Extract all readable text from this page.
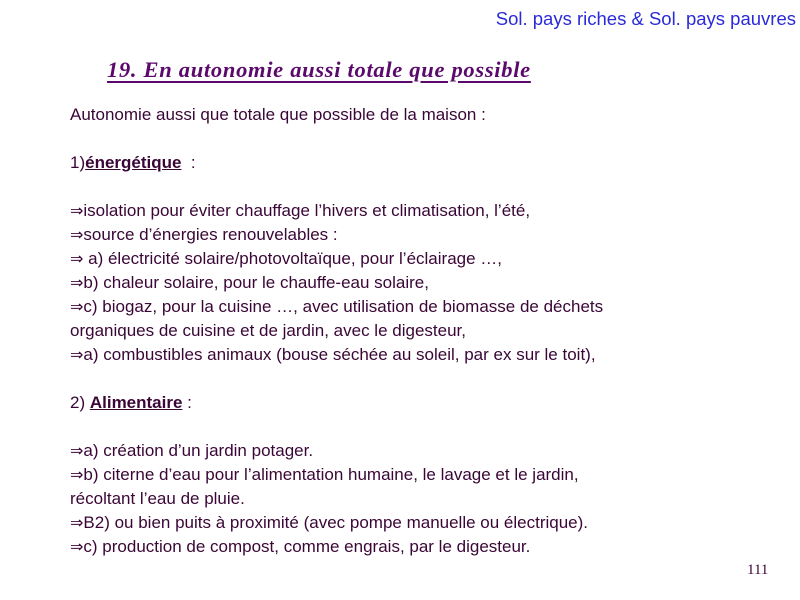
Sol. pays riches & Sol. pays pauvres
19. En autonomie aussi totale que possible
Autonomie aussi que totale que possible de la maison :
1)énergétique  :
⇒isolation pour éviter chauffage l’hivers et climatisation, l’été,
⇒source d’énergies renouvelables :
⇒ a) électricité solaire/photovoltaïque, pour l’éclairage …,
⇒b) chaleur solaire, pour le chauffe-eau solaire,
⇒c) biogaz, pour la cuisine …, avec utilisation de biomasse de déchets
organiques de cuisine et de jardin, avec le digesteur,
⇒a) combustibles animaux (bouse séchée au soleil, par ex sur le toit),
2) Alimentaire :
⇒a) création d’un jardin potager.
⇒b) citerne d’eau pour l’alimentation humaine, le lavage et le jardin,
récoltant l’eau de pluie.
⇒B2) ou bien puits à proximité (avec pompe manuelle ou électrique).
⇒c) production de compost, comme engrais, par le digesteur.
111
